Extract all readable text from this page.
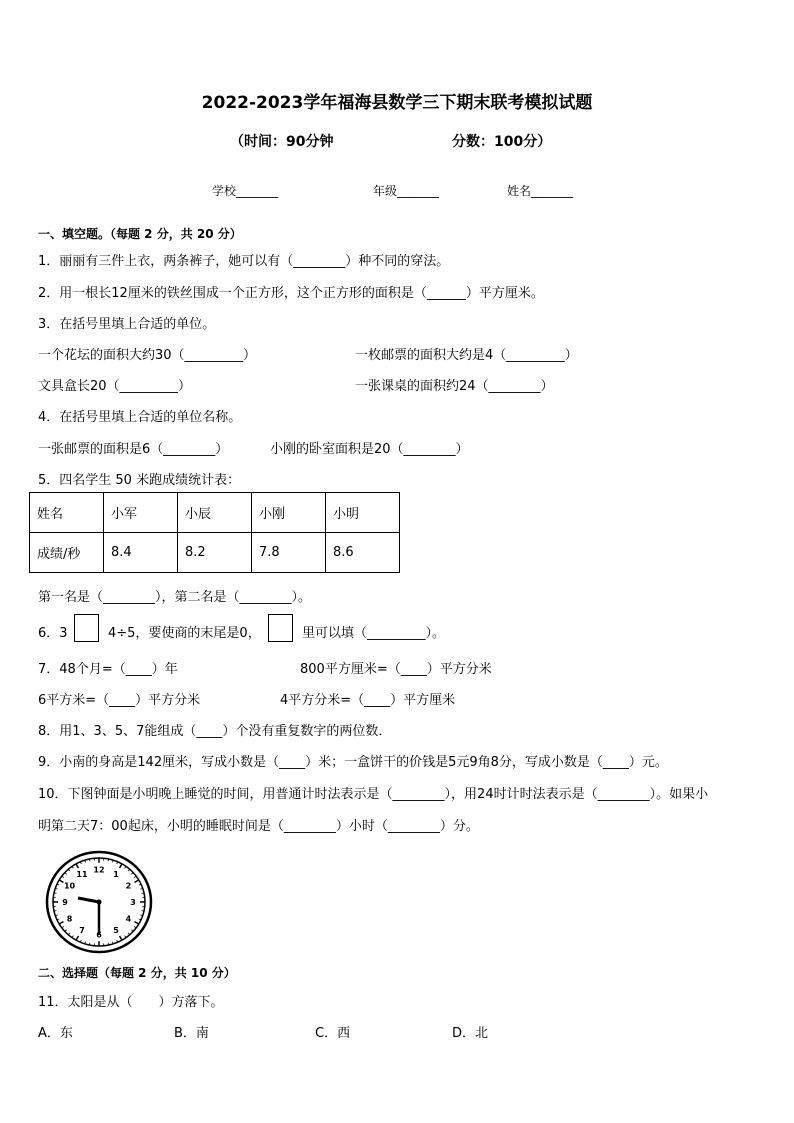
2022-2023学年福海县数学三下期末联考模拟试题
（时间：90分钟	分数：100分）
学校_______	年级_______	姓名_______
一、填空题。（每题 2 分，共 20 分）
1．丽丽有三件上衣，两条裤子，她可以有（________）种不同的穿法。
2．用一根长12厘米的铁丝围成一个正方形，这个正方形的面积是（______）平方厘米。
3．在括号里填上合适的单位。
一个花坛的面积大约30（_________）	一枚邮票的面积大约是4（_________）
文具盒长20（_________）	一张课桌的面积约24（________）
4．在括号里填上合适的单位名称。
一张邮票的面积是6（________）	小刚的卧室面积是20（________）
5．四名学生 50 米跑成绩统计表：
姓名	小军	小辰	小刚	小明
成绩/秒	8.4	8.2	7.8	8.6
第一名是（________），第二名是（________）。
6．3	4÷5，要使商的末尾是0，	里可以填（_________）。
7．48个月=（____）年	800平方厘米=（____）平方分米
6平方米=（____）平方分米	4平方分米=（____）平方厘米
8．用1、3、5、7能组成（____）个没有重复数字的两位数．
9．小南的身高是142厘米，写成小数是（____）米；一盒饼干的价钱是5元9角8分，写成小数是（____）元。
10．下图钟面是小明晚上睡觉的时间，用普通计时法表示是（________），用24时计时法表示是（________）。如果小
明第二天7：00起床，小明的睡眠时间是（________）小时（________）分。
12 1
2
3
4
5
6
7
8
9
10
11
二、选择题（每题 2 分，共 10 分）
11．太阳是从（　　）方落下。
A．东	B．南	C．西	D．北
